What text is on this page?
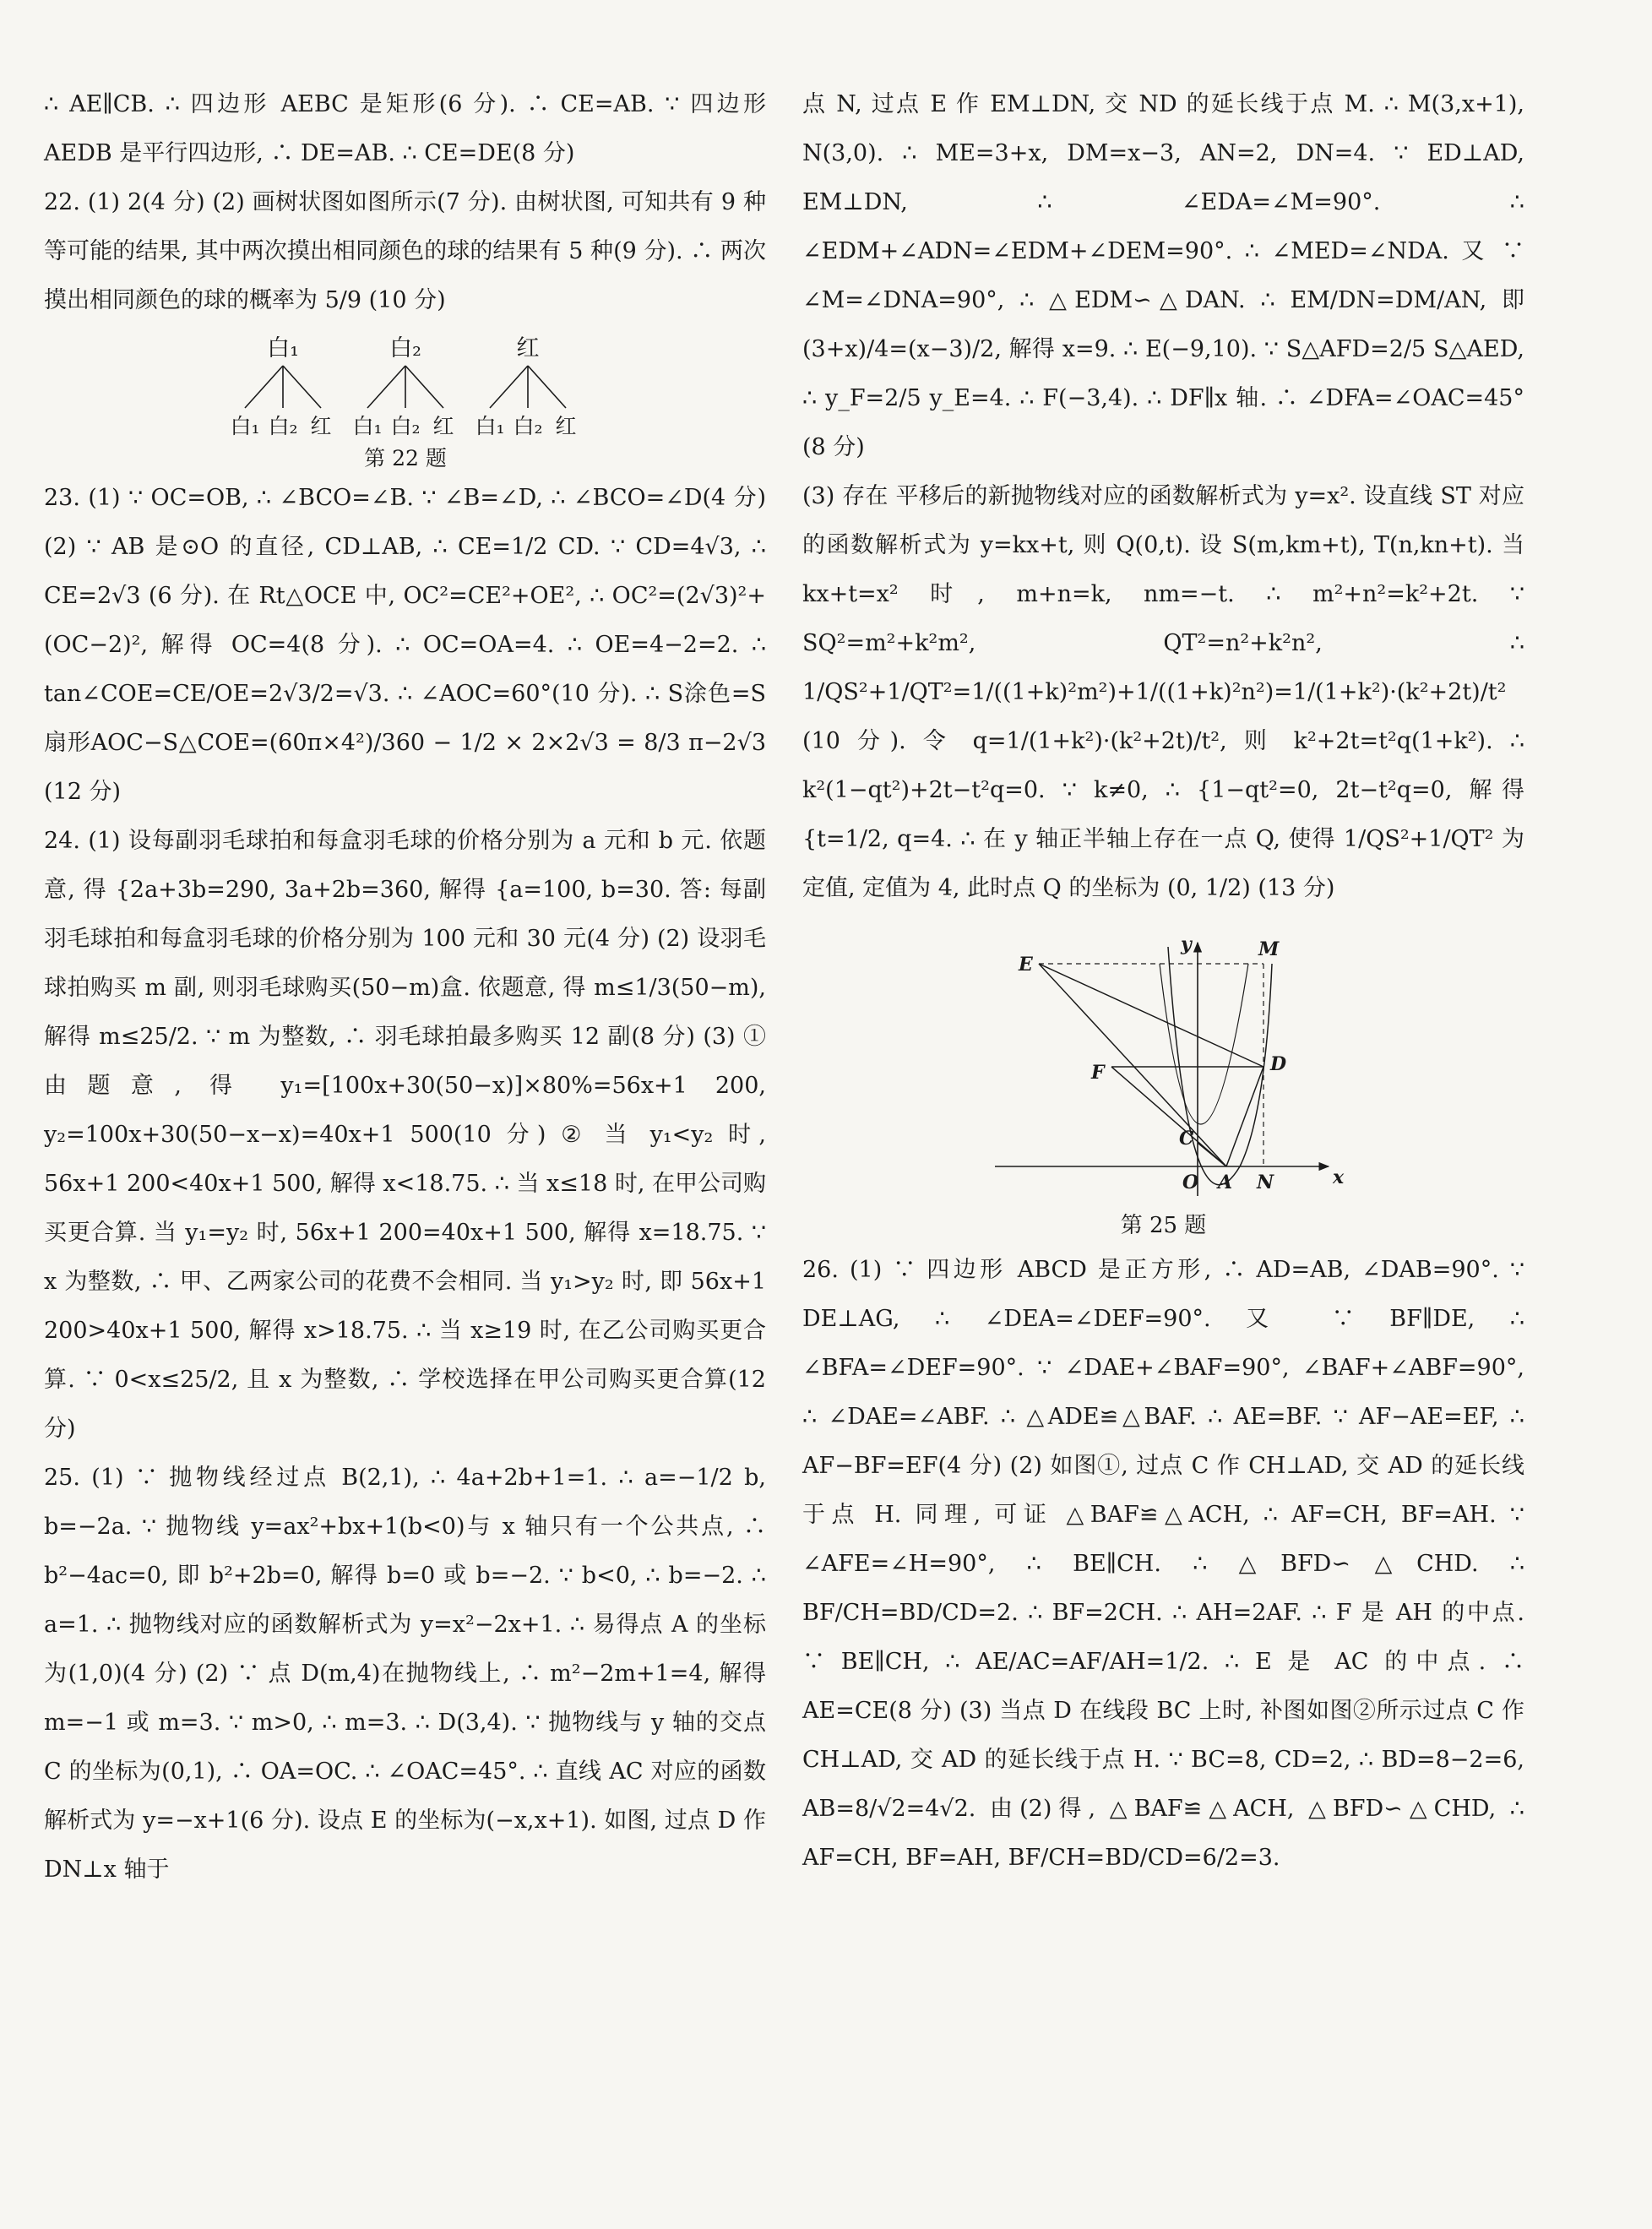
∴ AE∥CB. ∴ 四边形 AEBC 是矩形(6 分). ∴ CE=AB. ∵ 四边形 AEDB 是平行四边形, ∴ DE=AB. ∴ CE=DE(8 分)

22. (1) 2(4 分) (2) 画树状图如图所示(7 分). 由树状图, 可知共有 9 种等可能的结果, 其中两次摸出相同颜色的球的结果有 5 种(9 分). ∴ 两次摸出相同颜色的球的概率为 5/9 (10 分)

白₁	白₂	红
白₁ 白₂ 红 白₁ 白₂ 红 白₁ 白₂ 红
第 22 题

23. (1) ∵ OC=OB, ∴ ∠BCO=∠B. ∵ ∠B=∠D, ∴ ∠BCO=∠D(4 分) (2) ∵ AB 是⊙O 的直径, CD⊥AB, ∴ CE=1/2 CD. ∵ CD=4√3, ∴ CE=2√3 (6 分). 在 Rt△OCE 中, OC²=CE²+OE², ∴ OC²=(2√3)²+(OC−2)², 解得 OC=4(8 分). ∴ OC=OA=4. ∴ OE=4−2=2. ∴ tan∠COE=CE/OE=2√3/2=√3. ∴ ∠AOC=60°(10 分). ∴ S涂色=S扇形AOC−S△COE=(60π×4²)/360 − 1/2 × 2×2√3 = 8/3 π−2√3 (12 分)

24. (1) 设每副羽毛球拍和每盒羽毛球的价格分别为 a 元和 b 元. 依题意, 得 {2a+3b=290, 3a+2b=360, 解得 {a=100, b=30. 答: 每副羽毛球拍和每盒羽毛球的价格分别为 100 元和 30 元(4 分) (2) 设羽毛球拍购买 m 副, 则羽毛球购买(50−m)盒. 依题意, 得 m≤1/3(50−m), 解得 m≤25/2. ∵ m 为整数, ∴ 羽毛球拍最多购买 12 副(8 分) (3) ① 由题意, 得 y₁=[100x+30(50−x)]×80%=56x+1 200, y₂=100x+30(50−x−x)=40x+1 500(10 分) ② 当 y₁<y₂ 时, 56x+1 200<40x+1 500, 解得 x<18.75. ∴ 当 x≤18 时, 在甲公司购买更合算. 当 y₁=y₂ 时, 56x+1 200=40x+1 500, 解得 x=18.75. ∵ x 为整数, ∴ 甲、乙两家公司的花费不会相同. 当 y₁>y₂ 时, 即 56x+1 200>40x+1 500, 解得 x>18.75. ∴ 当 x≥19 时, 在乙公司购买更合算. ∵ 0<x≤25/2, 且 x 为整数, ∴ 学校选择在甲公司购买更合算(12 分)

25. (1) ∵ 抛物线经过点 B(2,1), ∴ 4a+2b+1=1. ∴ a=−1/2 b, b=−2a. ∵ 抛物线 y=ax²+bx+1(b<0)与 x 轴只有一个公共点, ∴ b²−4ac=0, 即 b²+2b=0, 解得 b=0 或 b=−2. ∵ b<0, ∴ b=−2. ∴ a=1. ∴ 抛物线对应的函数解析式为 y=x²−2x+1. ∴ 易得点 A 的坐标为(1,0)(4 分) (2) ∵ 点 D(m,4)在抛物线上, ∴ m²−2m+1=4, 解得 m=−1 或 m=3. ∵ m>0, ∴ m=3. ∴ D(3,4). ∵ 抛物线与 y 轴的交点 C 的坐标为(0,1), ∴ OA=OC. ∴ ∠OAC=45°. ∴ 直线 AC 对应的函数解析式为 y=−x+1(6 分). 设点 E 的坐标为(−x,x+1). 如图, 过点 D 作 DN⊥x 轴于

点 N, 过点 E 作 EM⊥DN, 交 ND 的延长线于点 M. ∴ M(3,x+1), N(3,0). ∴ ME=3+x, DM=x−3, AN=2, DN=4. ∵ ED⊥AD, EM⊥DN, ∴ ∠EDA=∠M=90°. ∴ ∠EDM+∠ADN=∠EDM+∠DEM=90°. ∴ ∠MED=∠NDA. 又 ∵ ∠M=∠DNA=90°, ∴ △EDM∽△DAN. ∴ EM/DN=DM/AN, 即 (3+x)/4=(x−3)/2, 解得 x=9. ∴ E(−9,10). ∵ S△AFD=2/5 S△AED, ∴ y_F=2/5 y_E=4. ∴ F(−3,4). ∴ DF∥x 轴. ∴ ∠DFA=∠OAC=45°(8 分)

(3) 存在 平移后的新抛物线对应的函数解析式为 y=x². 设直线 ST 对应的函数解析式为 y=kx+t, 则 Q(0,t). 设 S(m,km+t), T(n,kn+t). 当 kx+t=x² 时, m+n=k, nm=−t. ∴ m²+n²=k²+2t. ∵ SQ²=m²+k²m², QT²=n²+k²n², ∴ 1/QS²+1/QT²=1/((1+k)²m²)+1/((1+k)²n²)=1/(1+k²)·(k²+2t)/t² (10 分). 令 q=1/(1+k²)·(k²+2t)/t², 则 k²+2t=t²q(1+k²). ∴ k²(1−qt²)+2t−t²q=0. ∵ k≠0, ∴ {1−qt²=0, 2t−t²q=0, 解得 {t=1/2, q=4. ∴ 在 y 轴正半轴上存在一点 Q, 使得 1/QS²+1/QT² 为定值, 定值为 4, 此时点 Q 的坐标为 (0, 1/2) (13 分)

y
x
M
E
D
F
C
O A N

第 25 题

26. (1) ∵ 四边形 ABCD 是正方形, ∴ AD=AB, ∠DAB=90°. ∵ DE⊥AG, ∴ ∠DEA=∠DEF=90°. 又 ∵ BF∥DE, ∴ ∠BFA=∠DEF=90°. ∵ ∠DAE+∠BAF=90°, ∠BAF+∠ABF=90°, ∴ ∠DAE=∠ABF. ∴ △ADE≌△BAF. ∴ AE=BF. ∵ AF−AE=EF, ∴ AF−BF=EF(4 分) (2) 如图①, 过点 C 作 CH⊥AD, 交 AD 的延长线于点 H. 同理, 可证 △BAF≌△ACH, ∴ AF=CH, BF=AH. ∵ ∠AFE=∠H=90°, ∴ BE∥CH. ∴ △BFD∽△CHD. ∴ BF/CH=BD/CD=2. ∴ BF=2CH. ∴ AH=2AF. ∴ F 是 AH 的中点. ∵ BE∥CH, ∴ AE/AC=AF/AH=1/2. ∴ E 是 AC 的中点. ∴ AE=CE(8 分) (3) 当点 D 在线段 BC 上时, 补图如图②所示过点 C 作 CH⊥AD, 交 AD 的延长线于点 H. ∵ BC=8, CD=2, ∴ BD=8−2=6, AB=8/√2=4√2. 由(2)得, △BAF≌△ACH, △BFD∽△CHD, ∴ AF=CH, BF=AH, BF/CH=BD/CD=6/2=3.
